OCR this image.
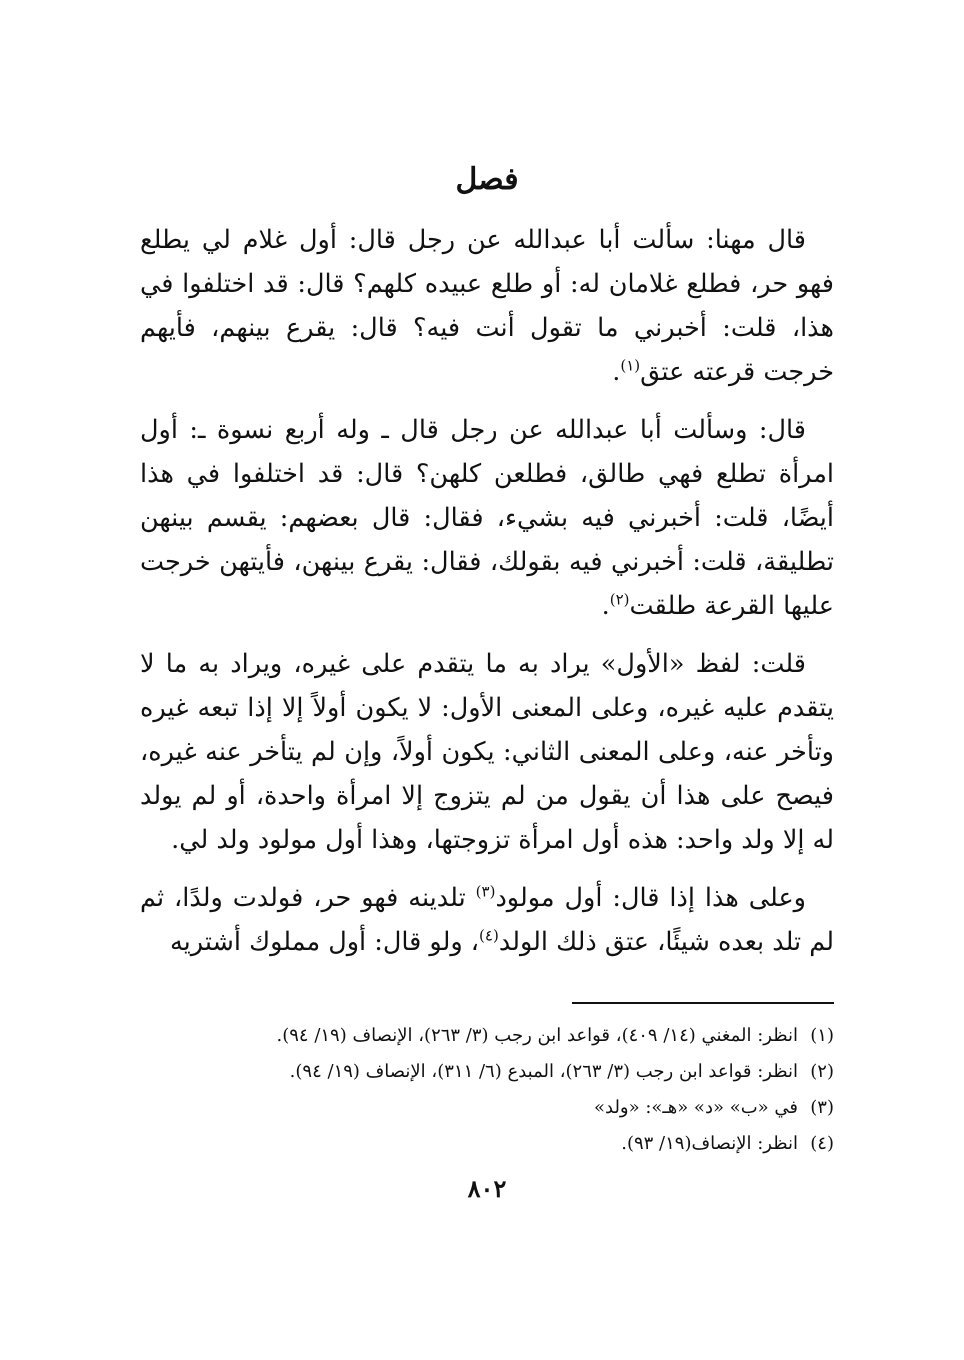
فصل

قال مهنا: سألت أبا عبدالله عن رجل قال: أول غلام لي يطلع فهو حر، فطلع غلامان له: أو طلع عبيده كلهم؟ قال: قد اختلفوا في هذا، قلت: أخبرني ما تقول أنت فيه؟ قال: يقرع بينهم، فأيهم خرجت قرعته عتق$^{(١)}$.

قال: وسألت أبا عبدالله عن رجل قال ـ وله أربع نسوة ـ: أول امرأة تطلع فهي طالق، فطلعن كلهن؟ قال: قد اختلفوا في هذا أيضًا، قلت: أخبرني فيه بشيء، فقال: قال بعضهم: يقسم بينهن تطليقة، قلت: أخبرني فيه بقولك، فقال: يقرع بينهن، فأيتهن خرجت عليها القرعة طلقت$^{(٢)}$.

قلت: لفظ «الأول» يراد به ما يتقدم على غيره، ويراد به ما لا يتقدم عليه غيره، وعلى المعنى الأول: لا يكون أولاً إلا إذا تبعه غيره وتأخر عنه، وعلى المعنى الثاني: يكون أولاً، وإن لم يتأخر عنه غيره، فيصح على هذا أن يقول من لم يتزوج إلا امرأة واحدة، أو لم يولد له إلا ولد واحد: هذه أول امرأة تزوجتها، وهذا أول مولود ولد لي.

وعلى هذا إذا قال: أول مولود$^{(٣)}$ تلدينه فهو حر، فولدت ولدًا، ثم لم تلد بعده شيئًا، عتق ذلك الولد$^{(٤)}$، ولو قال: أول مملوك أشتريه

(١)
انظر: المغني (١٤/ ٤٠٩)، قواعد ابن رجب (٣/ ٢٦٣)، الإنصاف (١٩/ ٩٤).
(٢)
انظر: قواعد ابن رجب (٣/ ٢٦٣)، المبدع (٦/ ٣١١)، الإنصاف (١٩/ ٩٤).
(٣)
في «ب» «د» «هـ»: «ولد»
(٤)
انظر: الإنصاف(١٩/ ٩٣).
٨٠٢
